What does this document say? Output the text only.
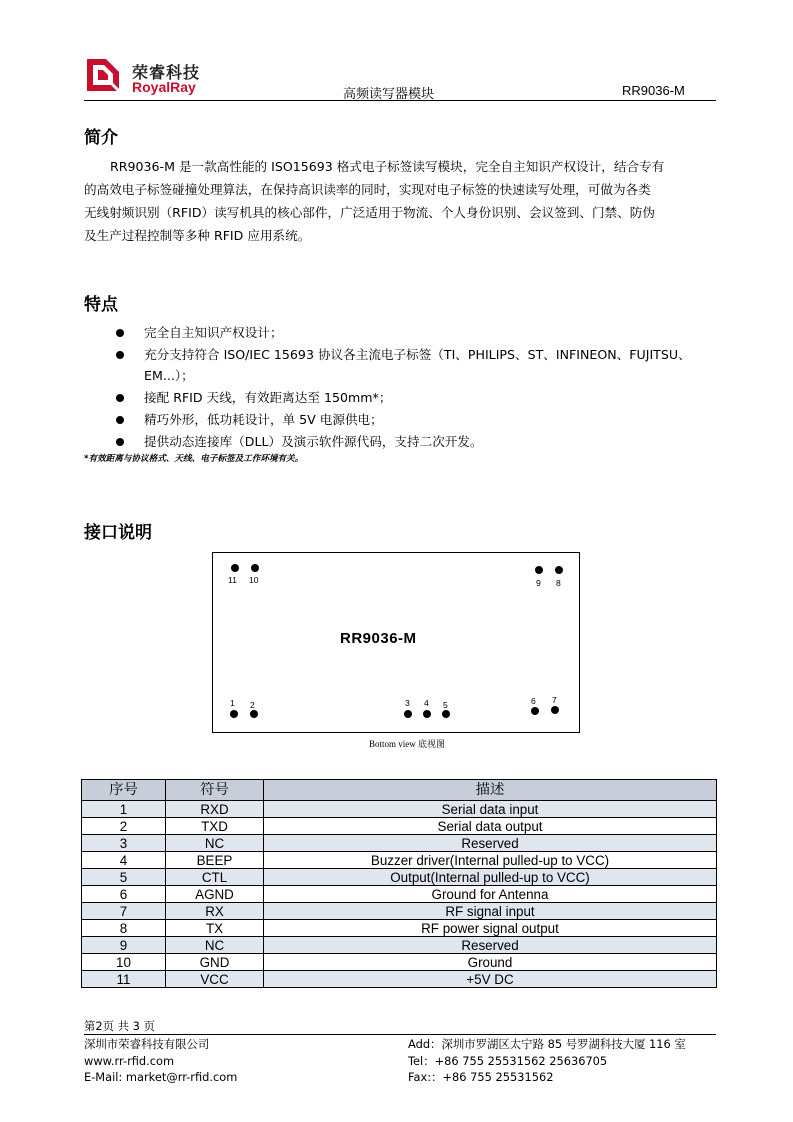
荣睿科技
RoyalRay	高频读写器模块	RR9036-M
简介

RR9036-M 是一款高性能的 ISO15693 格式电子标签读写模块，完全自主知识产权设计，结合专有

的高效电子标签碰撞处理算法，在保持高识读率的同时，实现对电子标签的快速读写处理，可做为各类

无线射频识别（RFID）读写机具的核心部件，广泛适用于物流、个人身份识别、会议签到、门禁、防伪

及生产过程控制等多种 RFID 应用系统。

特点
完全自主知识产权设计；
充分支持符合 ISO/IEC 15693 协议各主流电子标签（TI、PHILIPS、ST、INFINEON、FUJITSU、
EM...）；
接配 RFID 天线，有效距离达至 150mm*；
精巧外形，低功耗设计，单 5V 电源供电；
提供动态连接库（DLL）及演示软件源代码，支持二次开发。
*有效距离与协议格式、天线、电子标签及工作环境有关。
接口说明
RR9036-M
11 10	9 8
1 2	3 4 5	6 7
Bottom view 底视图
序号	符号	描述
1	RXD	Serial data input
2	TXD	Serial data output
3	NC	Reserved
4	BEEP	Buzzer driver(Internal pulled-up to VCC)
5	CTL	Output(Internal pulled-up to VCC)
6	AGND	Ground for Antenna
7	RX	RF signal input
8	TX	RF power signal output
9	NC	Reserved
10	GND	Ground
11	VCC	+5V DC
第2页 共 3 页
深圳市荣睿科技有限公司
www.rr-rfid.com
E-Mail: market@rr-rfid.com
Add：深圳市罗湖区太宁路 85 号罗湖科技大厦 116 室
Tel：+86 755 25531562 25636705
Fax:：+86 755 25531562
